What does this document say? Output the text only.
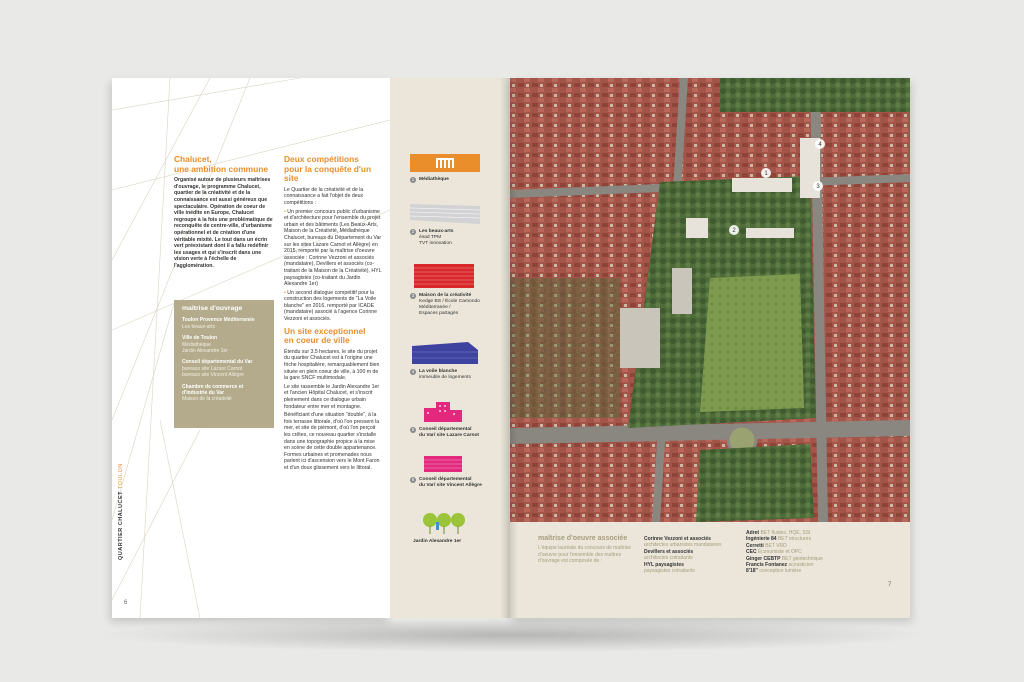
QUARTIER CHALUCETTOULON
6
7
Chalucet,
une ambition commune

Organisé autour de plusieurs maîtrises d'ouvrage, le programme Chalucet, quartier de la créativité et de la connaissance est aussi généreux que spectaculaire. Opération de coeur de ville inédite en Europe, Chalucet regroupe à la fois une problématique de reconquête de centre-ville, d'urbanisme opérationnel et de création d'une véritable mixité. Le tout dans un écrin vert préexistant dont il a fallu redéfinir les usages et qui s'inscrit dans une vision verte à l'échelle de l'agglomération.

maîtrise d'ouvrage
Toulon Provence Méditerranée
Les beaux-arts
Ville de Toulon
Médiathèque
Jardin Alexandre 1er
Conseil départemental du Var
bureaux site Lazare Carnot
bureaux site Vincent Allègre
Chambre de commerce et d'industrie du Var
Maison de la créativité
Deux compétitions
pour la conquête d'un site

Le Quartier de la créativité et de la connaissance a fait l'objet de deux compétitions :

• Un premier concours public d'urbanisme et d'architecture pour l'ensemble du projet urbain et des bâtiments (Les Beaux-Arts, Maison de la Créativité, Médiathèque Chalucet, bureaux du Département du Var sur les sites Lazare Carnot et Allègre) en 2015, remporté par la maîtrise d'oeuvre associée : Corinne Vezzoni et associés (mandataire), Devillers et associés (co-traitant de la Maison de la Créativité), HYL paysagistes (co-traitant du Jardin Alexandre 1er)

• Un second dialogue compétitif pour la construction des logements de "La Voile blanche" en 2016, remporté par ICADE (mandataire) associé à l'agence Corinne Vezzoni et associés.

Un site exceptionnel
en coeur de ville

Étendu sur 3,5 hectares, le site du projet du quartier Chalucet est à l'origine une friche hospitalière, remarquablement bien située en plein coeur de ville, à 100 m de la gare SNCF multimodale.

Le site rassemble le Jardin Alexandre 1er et l'ancien Hôpital Chalucet, et s'inscrit pleinement dans ce dialogue urbain fondateur entre mer et montagne.

Bénéficiant d'une situation "double", à la fois terrasse littorale, d'où l'on pressent la mer, et site de piémont, d'où l'on perçoit les crêtes, ce nouveau quartier s'installe dans une topographie propice à la mise en scène de cette double appartenance. Formes urbaines et promenades nous parlent ici d'ascension vers le Mont Faron et d'un doux glissement vers le littoral.

1 Médiathèque
2 Les beaux-arts
ésad TPM
TVT innovation
3 Maison de la créativité
Kedge BS / École Camondo
Méditerranée /
Espaces partagés
4 La voile blanche
immeuble de logements
5 Conseil départemental
du Var/ site Lazare Carnot
6 Conseil départemental
du Var/ site Vincent Allègre
Jardin Alexandre 1er
1
2
3
4
maîtrise d'oeuvre associée
L'équipe lauréate du concours de maîtrise d'oeuvre pour l'ensemble des maîtres d'ouvrage est composée de :
Corinne Vezzoni et associés
architectes urbanistes mandataires
Devillers et associés
architectes cotraitants
HYL paysagistes
paysagistes cotraitants
Adret BET fluides, HQE, SSI
Ingénierie 84 BET structures
Cerretti BET VRD
CEC Économiste et OPC
Ginger CEBTP BET géotechnique
Francis Fontanez acousticien
8'18'' conception lumière
